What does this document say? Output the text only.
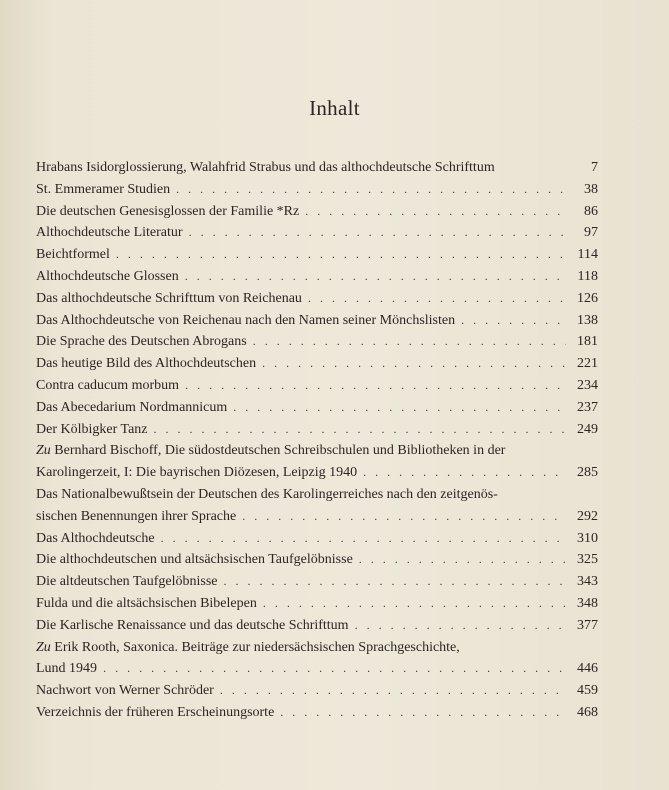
Inhalt
Hrabans Isidorglossierung, Walahfrid Strabus und das althochdeutsche Schrifttum	7
St. Emmeramer Studien . . .	38
Die deutschen Genesisglossen der Familie *Rz . . .	86
Althochdeutsche Literatur . . .	97
Beichtformel . . .	114
Althochdeutsche Glossen . . .	118
Das althochdeutsche Schrifttum von Reichenau . . .	126
Das Althochdeutsche von Reichenau nach den Namen seiner Mönchslisten . . .	138
Die Sprache des Deutschen Abrogans . . .	181
Das heutige Bild des Althochdeutschen . . .	221
Contra caducum morbum . . .	234
Das Abecedarium Nordmannicum . . .	237
Der Kölbigker Tanz . . .	249
Zu Bernhard Bischoff, Die südostdeutschen Schreibschulen und Bibliotheken in der
Karolingerzeit, I: Die bayrischen Diözesen, Leipzig 1940 . . .	285
Das Nationalbewußtsein der Deutschen des Karolingerreiches nach den zeitgenös-
sischen Benennungen ihrer Sprache . . .	292
Das Althochdeutsche . . .	310
Die althochdeutschen und altsächsischen Taufgelöbnisse . . .	325
Die altdeutschen Taufgelöbnisse . . .	343
Fulda und die altsächsischen Bibelepen . . .	348
Die Karlische Renaissance und das deutsche Schrifttum . . .	377
Zu Erik Rooth, Saxonica. Beiträge zur niedersächsischen Sprachgeschichte,
Lund 1949 . . .	446
Nachwort von Werner Schröder . . .	459
Verzeichnis der früheren Erscheinungsorte . . .	468
